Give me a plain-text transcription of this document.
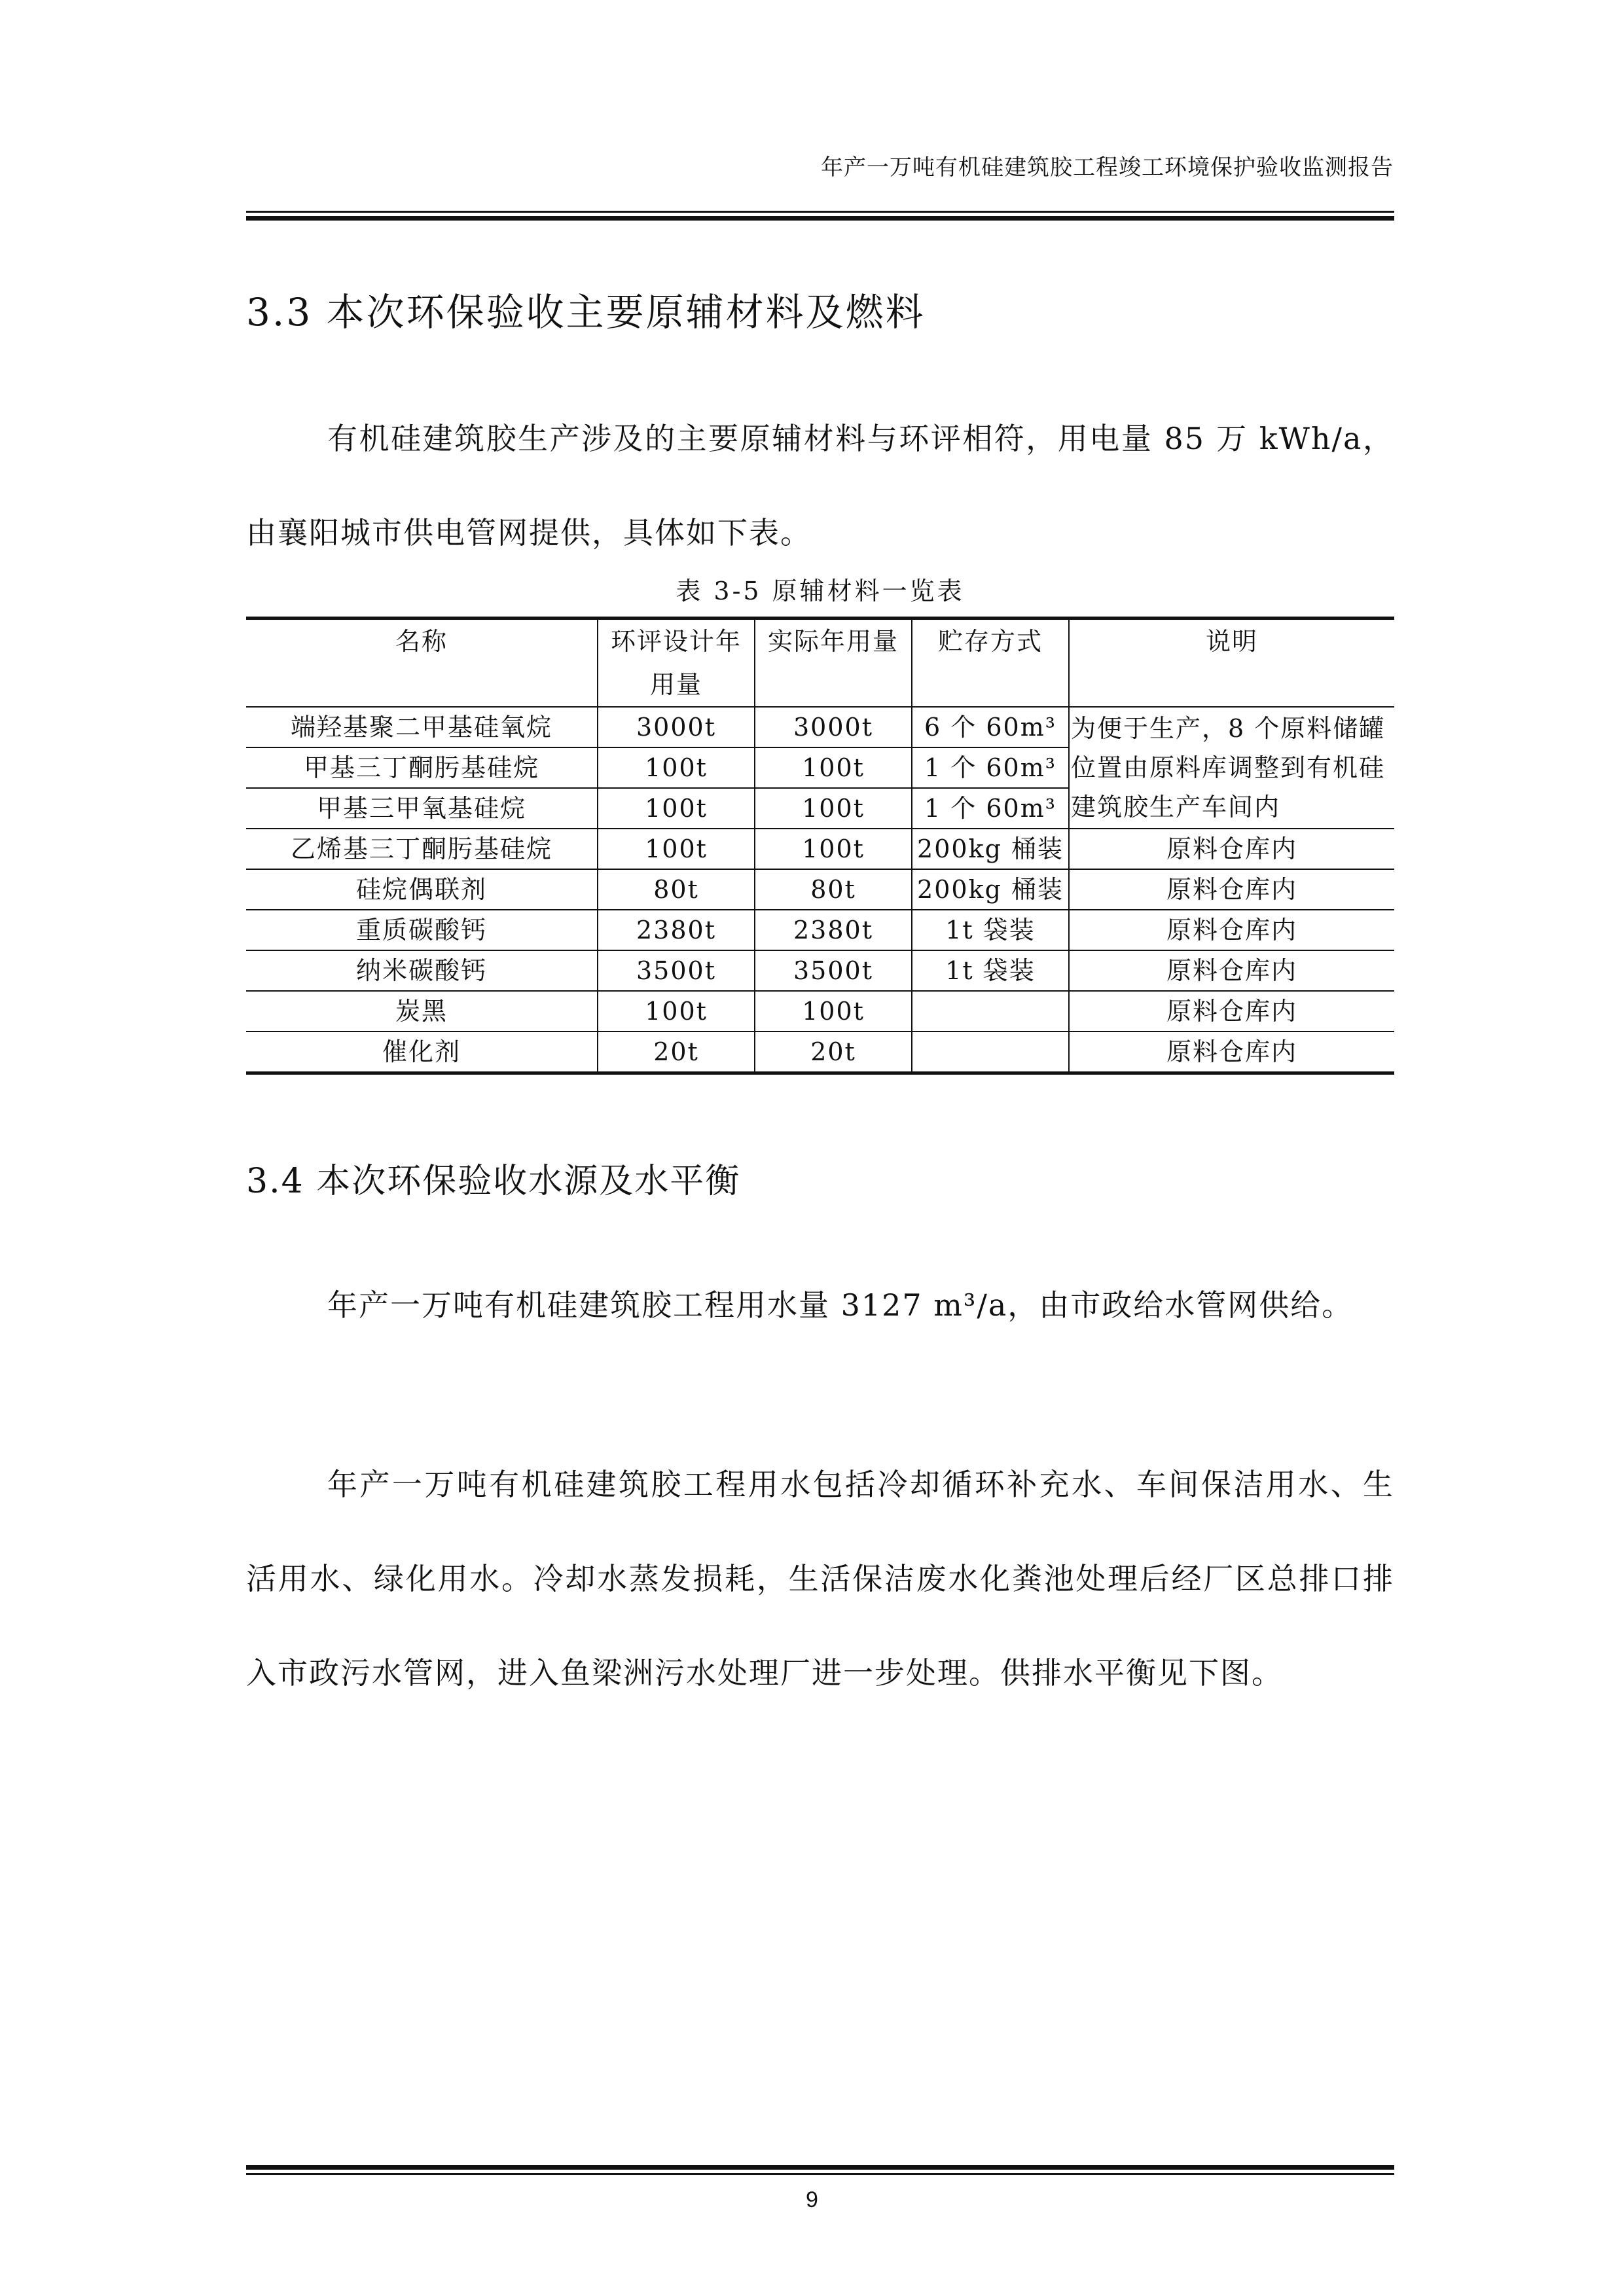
年产一万吨有机硅建筑胶工程竣工环境保护验收监测报告
3.3 本次环保验收主要原辅材料及燃料
有机硅建筑胶生产涉及的主要原辅材料与环评相符，用电量 85 万 kWh/a，由襄阳城市供电管网提供，具体如下表。
表 3-5 原辅材料一览表
名称	环评设计年用量	实际年用量	贮存方式	说明
端羟基聚二甲基硅氧烷	3000t	3000t	6 个 60m³	为便于生产，8 个原料储罐位置由原料库调整到有机硅建筑胶生产车间内
甲基三丁酮肟基硅烷	100t	100t	1 个 60m³	
甲基三甲氧基硅烷	100t	100t	1 个 60m³	
乙烯基三丁酮肟基硅烷	100t	100t	200kg 桶装	原料仓库内
硅烷偶联剂	80t	80t	200kg 桶装	原料仓库内
重质碳酸钙	2380t	2380t	1t 袋装	原料仓库内
纳米碳酸钙	3500t	3500t	1t 袋装	原料仓库内
炭黑	100t	100t		原料仓库内
催化剂	20t	20t		原料仓库内
3.4 本次环保验收水源及水平衡
年产一万吨有机硅建筑胶工程用水量 3127 m³/a，由市政给水管网供给。
年产一万吨有机硅建筑胶工程用水包括冷却循环补充水、车间保洁用水、生活用水、绿化用水。冷却水蒸发损耗，生活保洁废水化粪池处理后经厂区总排口排入市政污水管网，进入鱼梁洲污水处理厂进一步处理。供排水平衡见下图。
9
